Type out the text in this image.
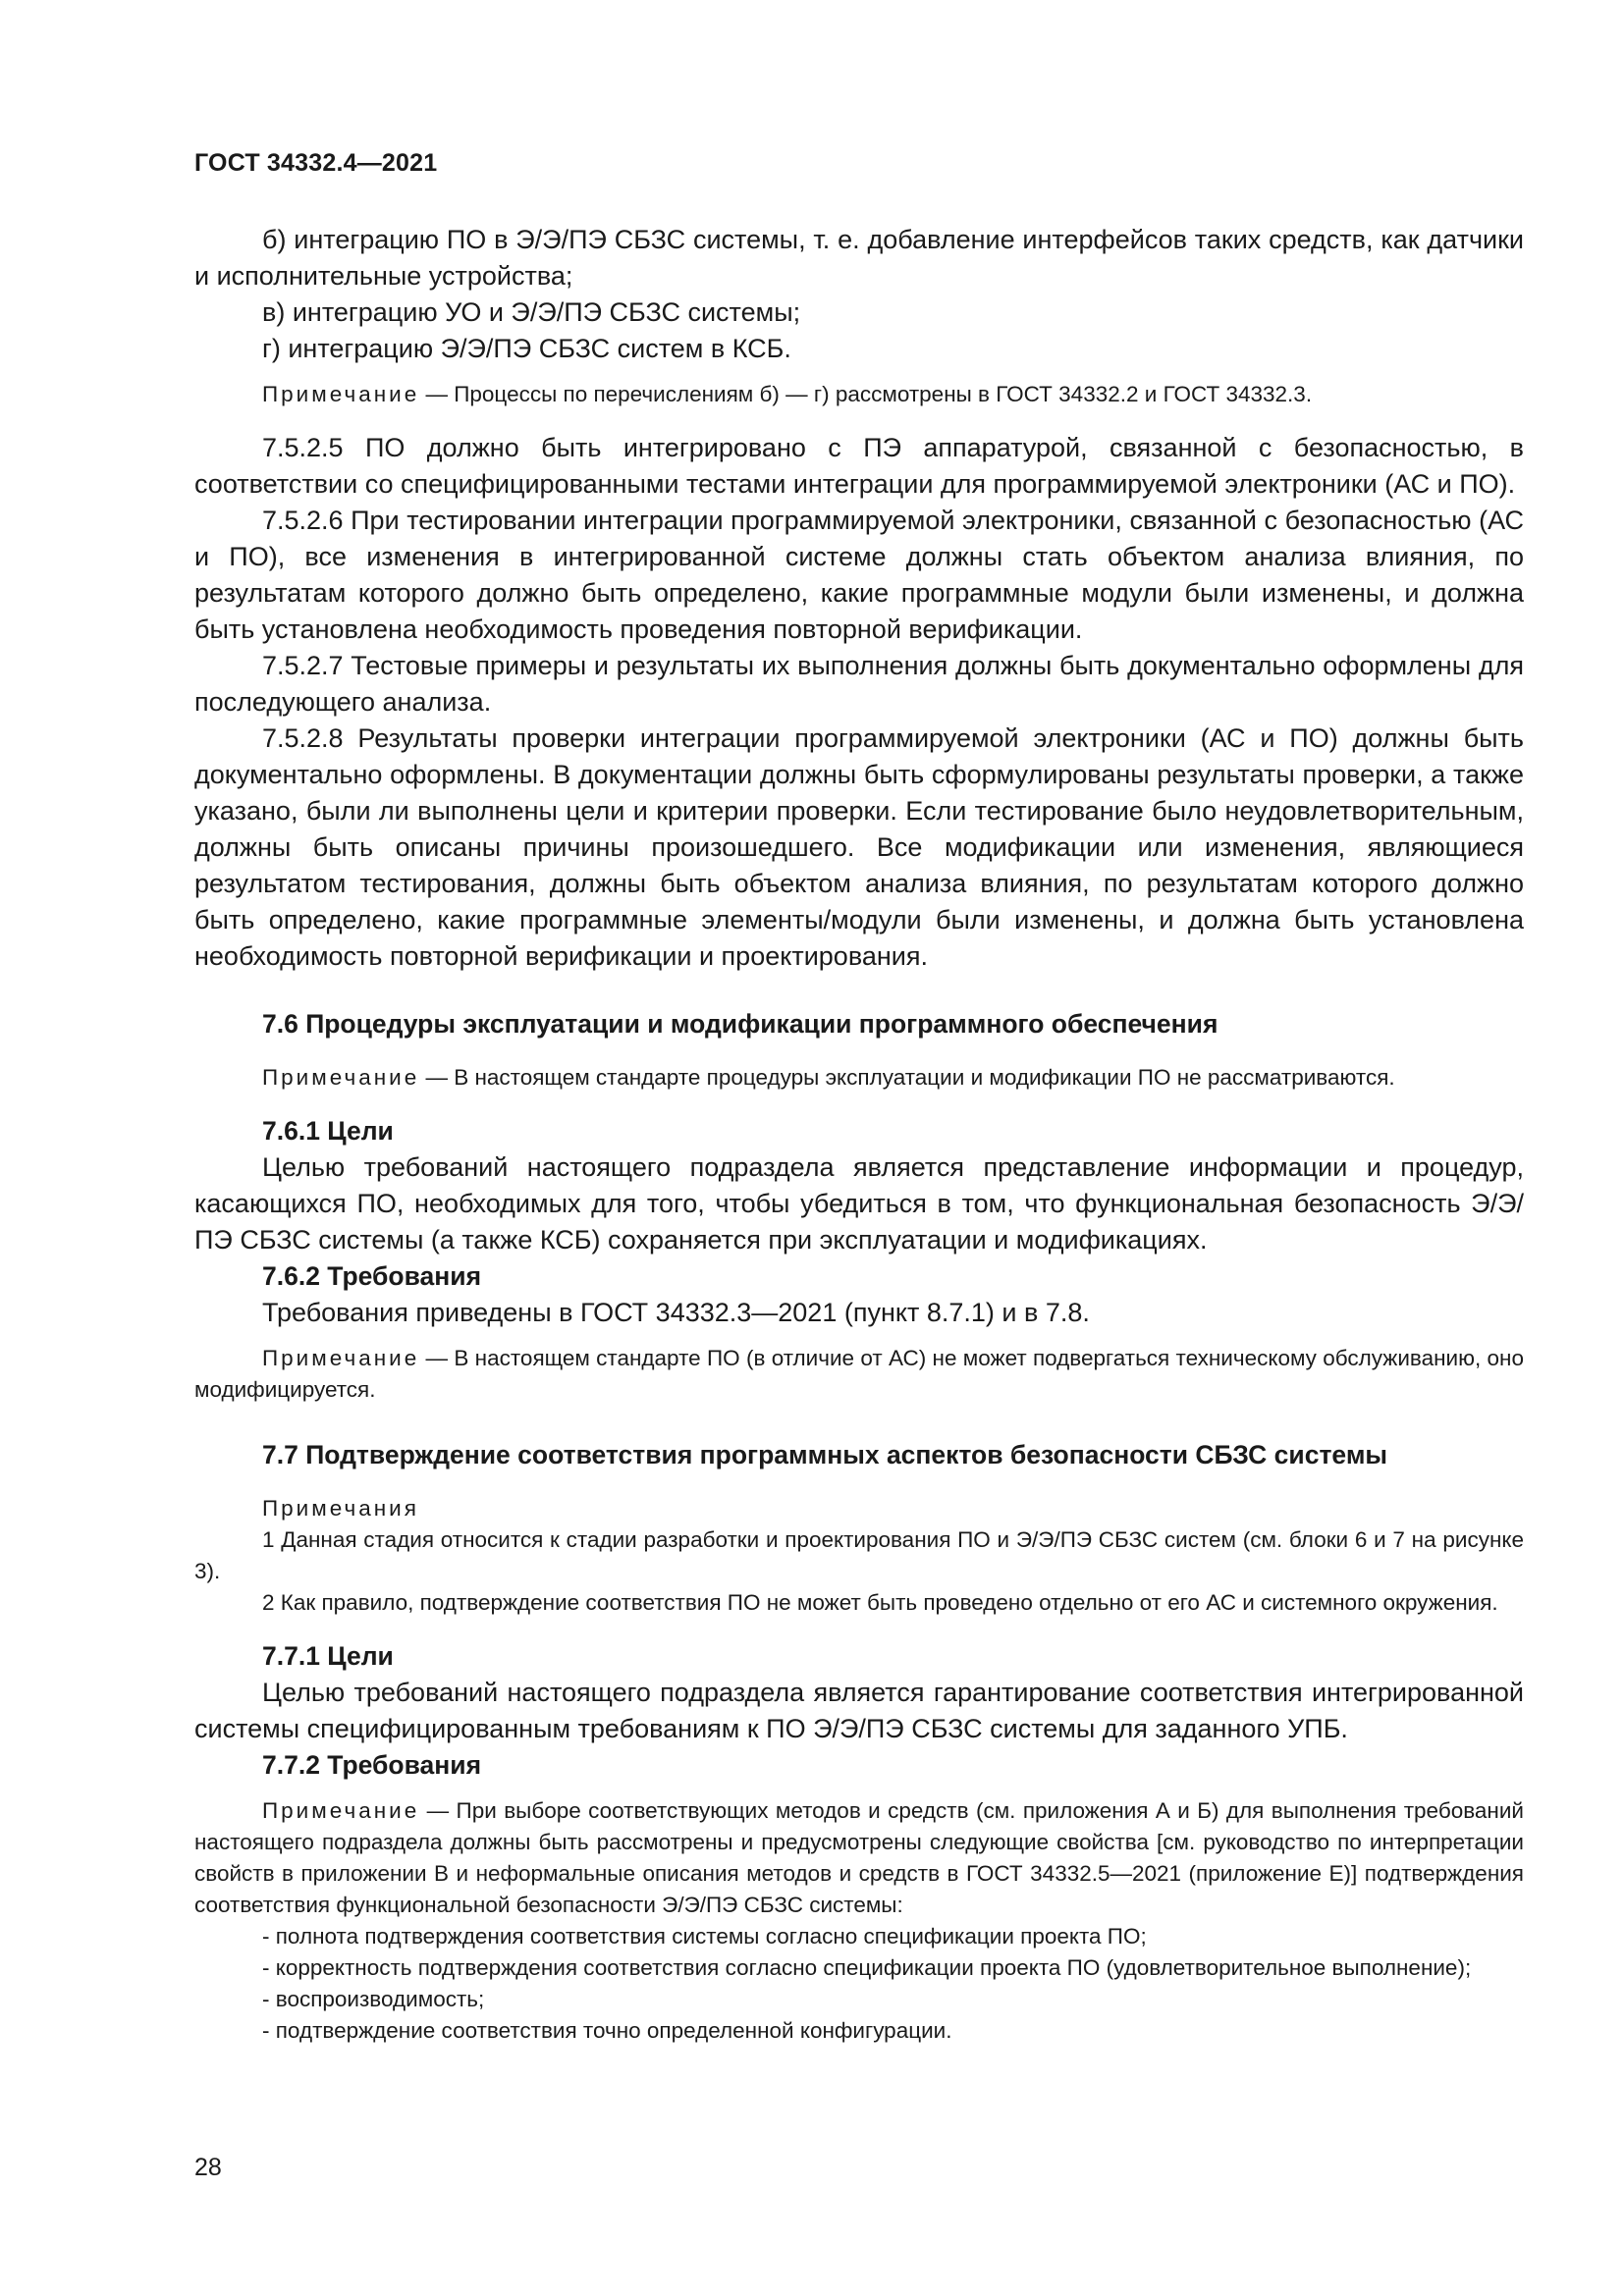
ГОСТ 34332.4—2021

б) интеграцию ПО в Э/Э/ПЭ СБЗС системы, т. е. добавление интерфейсов таких средств, как датчики и исполнительные устройства;

в) интеграцию УО и Э/Э/ПЭ СБЗС системы;

г) интеграцию Э/Э/ПЭ СБЗС систем в КСБ.

Примечание — Процессы по перечислениям б) — г) рассмотрены в ГОСТ 34332.2 и ГОСТ 34332.3.

7.5.2.5 ПО должно быть интегрировано с ПЭ аппаратурой, связанной с безопасностью, в соответствии со специфицированными тестами интеграции для программируемой электроники (АС и ПО).

7.5.2.6 При тестировании интеграции программируемой электроники, связанной с безопасностью (АС и ПО), все изменения в интегрированной системе должны стать объектом анализа влияния, по результатам которого должно быть определено, какие программные модули были изменены, и должна быть установлена необходимость проведения повторной верификации.

7.5.2.7 Тестовые примеры и результаты их выполнения должны быть документально оформлены для последующего анализа.

7.5.2.8 Результаты проверки интеграции программируемой электроники (АС и ПО) должны быть документально оформлены. В документации должны быть сформулированы результаты проверки, а также указано, были ли выполнены цели и критерии проверки. Если тестирование было неудовлетворительным, должны быть описаны причины произошедшего. Все модификации или изменения, являющиеся результатом тестирования, должны быть объектом анализа влияния, по результатам которого должно быть определено, какие программные элементы/модули были изменены, и должна быть установлена необходимость повторной верификации и проектирования.

7.6 Процедуры эксплуатации и модификации программного обеспечения

Примечание — В настоящем стандарте процедуры эксплуатации и модификации ПО не рассматриваются.

7.6.1 Цели

Целью требований настоящего подраздела является представление информации и процедур, касающихся ПО, необходимых для того, чтобы убедиться в том, что функциональная безопасность Э/Э/ПЭ СБЗС системы (а также КСБ) сохраняется при эксплуатации и модификациях.

7.6.2 Требования

Требования приведены в ГОСТ 34332.3—2021 (пункт 8.7.1) и в 7.8.

Примечание — В настоящем стандарте ПО (в отличие от АС) не может подвергаться техническому обслуживанию, оно модифицируется.

7.7 Подтверждение соответствия программных аспектов безопасности СБЗС системы

Примечания

1 Данная стадия относится к стадии разработки и проектирования ПО и Э/Э/ПЭ СБЗС систем (см. блоки 6 и 7 на рисунке 3).

2 Как правило, подтверждение соответствия ПО не может быть проведено отдельно от его АС и системного окружения.

7.7.1 Цели

Целью требований настоящего подраздела является гарантирование соответствия интегрированной системы специфицированным требованиям к ПО Э/Э/ПЭ СБЗС системы для заданного УПБ.

7.7.2 Требования

Примечание — При выборе соответствующих методов и средств (см. приложения А и Б) для выполнения требований настоящего подраздела должны быть рассмотрены и предусмотрены следующие свойства [см. руководство по интерпретации свойств в приложении В и неформальные описания методов и средств в ГОСТ 34332.5—2021 (приложение Е)] подтверждения соответствия функциональной безопасности Э/Э/ПЭ СБЗС системы:

- полнота подтверждения соответствия системы согласно спецификации проекта ПО;

- корректность подтверждения соответствия согласно спецификации проекта ПО (удовлетворительное выполнение);

- воспроизводимость;

- подтверждение соответствия точно определенной конфигурации.

28
